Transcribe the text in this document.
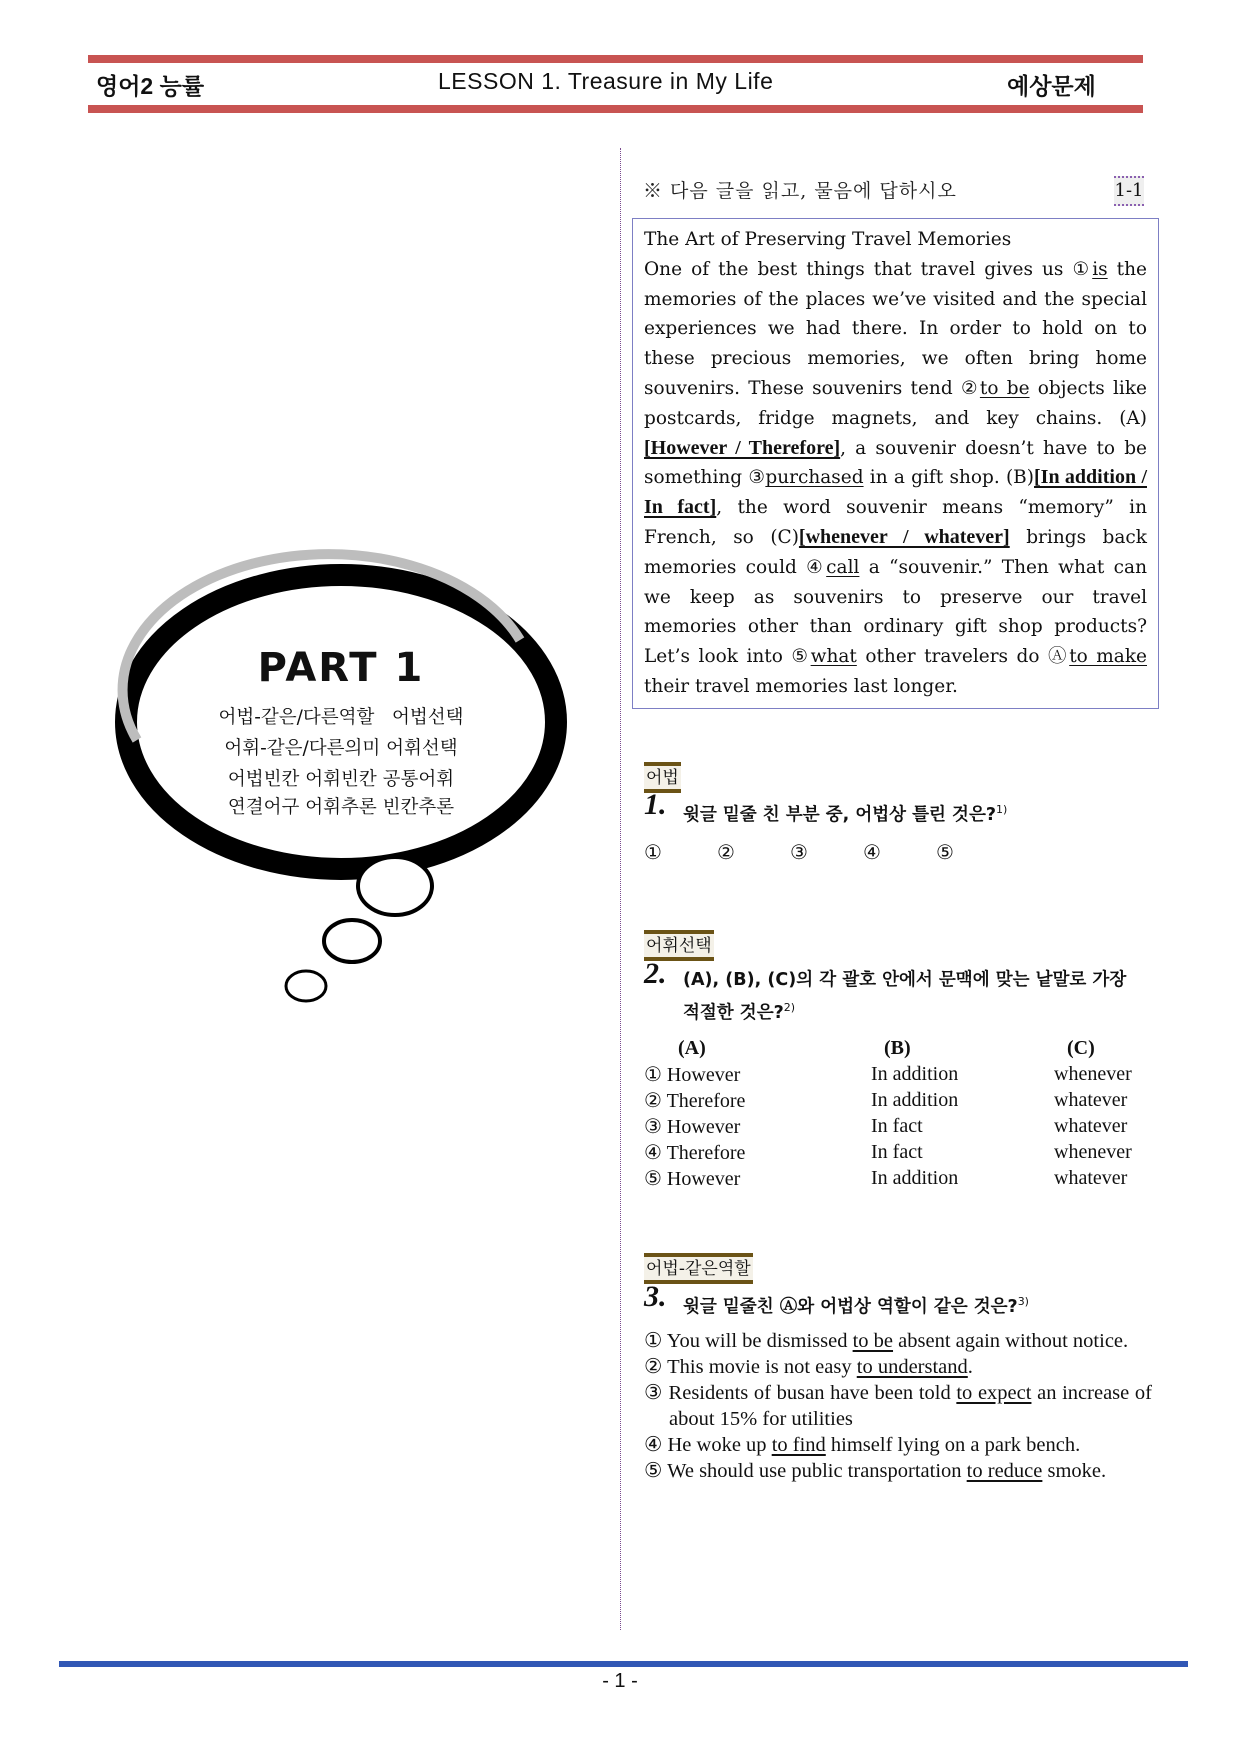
영어2 능률	LESSON 1. Treasure in My Life	예상문제
PART 1
어법-같은/다른역할   어법선택
어휘-같은/다른의미 어휘선택
어법빈칸 어휘빈칸 공통어휘
연결어구 어휘추론 빈칸추론
※ 다음 글을 읽고, 물음에 답하시오	1-1
The Art of Preserving Travel Memories
One of the best things that travel gives us ①is the memories of the places we’ve visited and the special experiences we had there. In order to hold on to these precious memories, we often bring home souvenirs. These souvenirs tend ②to be objects like postcards, fridge magnets, and key chains. (A)[However / Therefore], a souvenir doesn’t have to be something ③purchased in a gift shop. (B)[In addition / In fact], the word souvenir means “memory” in French, so (C)[whenever / whatever] brings back memories could ④call a “souvenir.” Then what can we keep as souvenirs to preserve our travel memories other than ordinary gift shop products? Let’s look into ⑤what other travelers do Ⓐto make their travel memories last longer.
어법
1. 윗글 밑줄 친 부분 중, 어법상 틀린 것은?$^{1)}$
①	②	③	④	⑤
어휘선택
2. (A), (B), (C)의 각 괄호 안에서 문맥에 맞는 낱말로 가장
적절한 것은?$^{2)}$
(A)	(B)	(C)
① However	In addition	whenever
② Therefore	In addition	whatever
③ However	In fact	whatever
④ Therefore	In fact	whenever
⑤ However	In addition	whatever
어법-같은역할
3. 윗글 밑줄친 Ⓐ와 어법상 역할이 같은 것은?$^{3)}$
① You will be dismissed to be absent again without notice.
② This movie is not easy to understand.
③ Residents of busan have been told to expect an increase of about 15% for utilities
④ He woke up to find himself lying on a park bench.
⑤ We should use public transportation to reduce smoke.
- 1 -
